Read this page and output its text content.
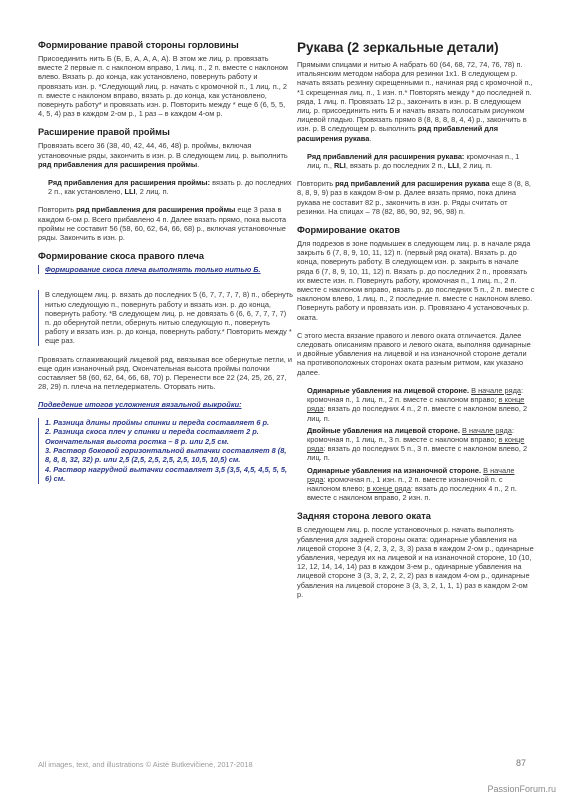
Формирование правой стороны горловины

Присоединить нить Б (Б, Б, А, А, А, А). В этом же лиц. р. провязать вместе 2 первые п. с наклоном вправо, 1 лиц. п., 2 п. вместе с наклоном влево. Вязать р. до конца, как установлено, повернуть работу и провязать изн. р. *Следующий лиц. р. начать с кромочной п., 1 лиц. п., 2 п. вместе с наклоном вправо, вязать р. до конца, как установлено, повернуть работу* и провязать изн. р. Повторить между * еще 6 (6, 5, 5, 4, 5, 4) раз в каждом 2-ом р., 1 раз – в каждом 4-ом р.

Расширение правой проймы

Провязать всего 36 (38, 40, 42, 44, 46, 48) р. проймы, включая установочные ряды, закончить в изн. р. В следующем лиц. р. выполнить ряд прибавления для расширения проймы.

Ряд прибавления для расширения проймы: вязать р. до последних 2 п., как установлено, LLI, 2 лиц. п.

Повторить ряд прибавления для расширения проймы еще 3 раза в каждом 6-ом р. Всего прибавлено 4 п. Далее вязать прямо, пока высота проймы не составит 56 (58, 60, 62, 64, 66, 68) р., включая установочные ряды. Закончить в изн. р.

Формирование скоса правого плеча

Формирование скоса плеча выполнять только нитью Б.

В следующем лиц. р. вязать до последних 5 (6, 7, 7, 7, 7, 8) п., обернуть нитью следующую п., повернуть работу и вязать изн. р. до конца, повернуть работу. *В следующем лиц. р. не довязать 6 (6, 6, 7, 7, 7, 7) п. до обернутой петли, обернуть нитью следующую п., повернуть работу и вязать изн. р. до конца, повернуть работу.* Повторить между * еще раз.

Провязать сглаживающий лицевой ряд, ввязывая все обернутые петли, и еще один изнаночный ряд. Окончательная высота проймы полочки составляет 58 (60, 62, 64, 66, 68, 70) р. Перенести все 22 (24, 25, 26, 27, 28, 29) п. плеча на петледержатель. Оторвать нить.

Подведение итогов усложнения вязальной выкройки:

1. Разница длины проймы спинки и переда составляет 6 р.
2. Разница скоса плеч у спинки и переда составляет 2 р. Окончательная высота ростка – 8 р. или 2,5 см.
3. Раствор боковой горизонтальной вытачки составляет 8 (8, 8, 8, 8, 32, 32) р. или 2,5 (2,5, 2,5, 2,5, 2,5, 10,5, 10,5) см.
4. Раствор нагрудной вытачки составляет 3,5 (3,5, 4,5, 4,5, 5, 5, 6) см.
Рукава (2 зеркальные детали)

Прямыми спицами и нитью А набрать 60 (64, 68, 72, 74, 76, 78) п. итальянским методом набора для резинки 1х1. В следующем р. начать вязать резинку скрещенными п., начиная ряд с кромочной п., *1 скрещенная лиц. п., 1 изн. п.* Повторять между * до последней п. ряда, 1 лиц. п. Провязать 12 р., закончить в изн. р. В следующем лиц. р. присоединить нить Б и начать вязать полосатым рисунком лицевой гладью. Провязать прямо 8 (8, 8, 8, 8, 4, 4) р., закончить в изн. р. В следующем р. выполнить ряд прибавлений для расширения рукава.

Ряд прибавлений для расширения рукава: кромочная п., 1 лиц. п., RLI, вязать р. до последних 2 п., LLI, 2 лиц. п.

Повторить ряд прибавлений для расширения рукава еще 8 (8, 8, 8, 8, 9, 9) раз в каждом 8-ом р. Далее вязать прямо, пока длина рукава не составит 82 р., закончить в изн. р. Ряды считать от резинки. На спицах – 78 (82, 86, 90, 92, 96, 98) п.

Формирование окатов

Для подрезов в зоне подмышек в следующем лиц. р. в начале ряда закрыть 6 (7, 8, 9, 10, 11, 12) п. (первый ряд оката). Вязать р. до конца, повернуть работу. В следующем изн. р. закрыть в начале ряда 6 (7, 8, 9, 10, 11, 12) п. Вязать р. до последних 2 п., провязать их вместе изн. п. Повернуть работу, кромочная п., 1 лиц. п., 2 п. вместе с наклоном вправо, вязать р. до последних 5 п., 2 п. вместе с наклоном влево, 1 лиц. п., 2 последние п. вместе с наклоном влево. Повернуть работу и провязать изн. р. Провязано 4 установочных р. оката.

С этого места вязание правого и левого оката отличается. Далее следовать описаниям правого и левого оката, выполняя одинарные и двойные убавления на лицевой и на изнаночной стороне детали на противоположных сторонах оката разным ритмом, как указано далее.

Одинарные убавления на лицевой стороне. В начале ряда: кромочная п., 1 лиц. п., 2 п. вместе с наклоном вправо; в конце ряда: вязать до последних 4 п., 2 п. вместе с наклоном влево, 2 лиц. п.

Двойные убавления на лицевой стороне. В начале ряда: кромочная п., 1 лиц. п., 3 п. вместе с наклоном вправо; в конце ряда: вязать до последних 5 п., 3 п. вместе с наклоном влево, 2 лиц. п.

Одинарные убавления на изнаночной стороне. В начале ряда: кромочная п., 1 изн. п., 2 п. вместе изнаночной п. с наклоном влево; в конце ряда: вязать до последних 4 п., 2 п. вместе с наклоном вправо, 2 изн. п.

Задняя сторона левого оката

В следующем лиц. р. после установочных р. начать выполнять убавления для задней стороны оката: одинарные убавления на лицевой стороне 3 (4, 2, 3, 2, 3, 3) раза в каждом 2-ом р., одинарные убавления, чередуя их на лицевой и на изнаночной стороне, 10 (10, 12, 12, 14, 14, 14) раз в каждом 3-ем р., одинарные убавления на лицевой стороне 3 (3, 3, 2, 2, 2, 2) раз в каждом 4-ом р., одинарные убавления на лицевой стороне 3 (3, 3, 2, 1, 1, 1) раз в каждом 2-ом р.

All images, text, and illustrations © Aistė Butkevičienė, 2017-2018	87
PassionForum.ru
